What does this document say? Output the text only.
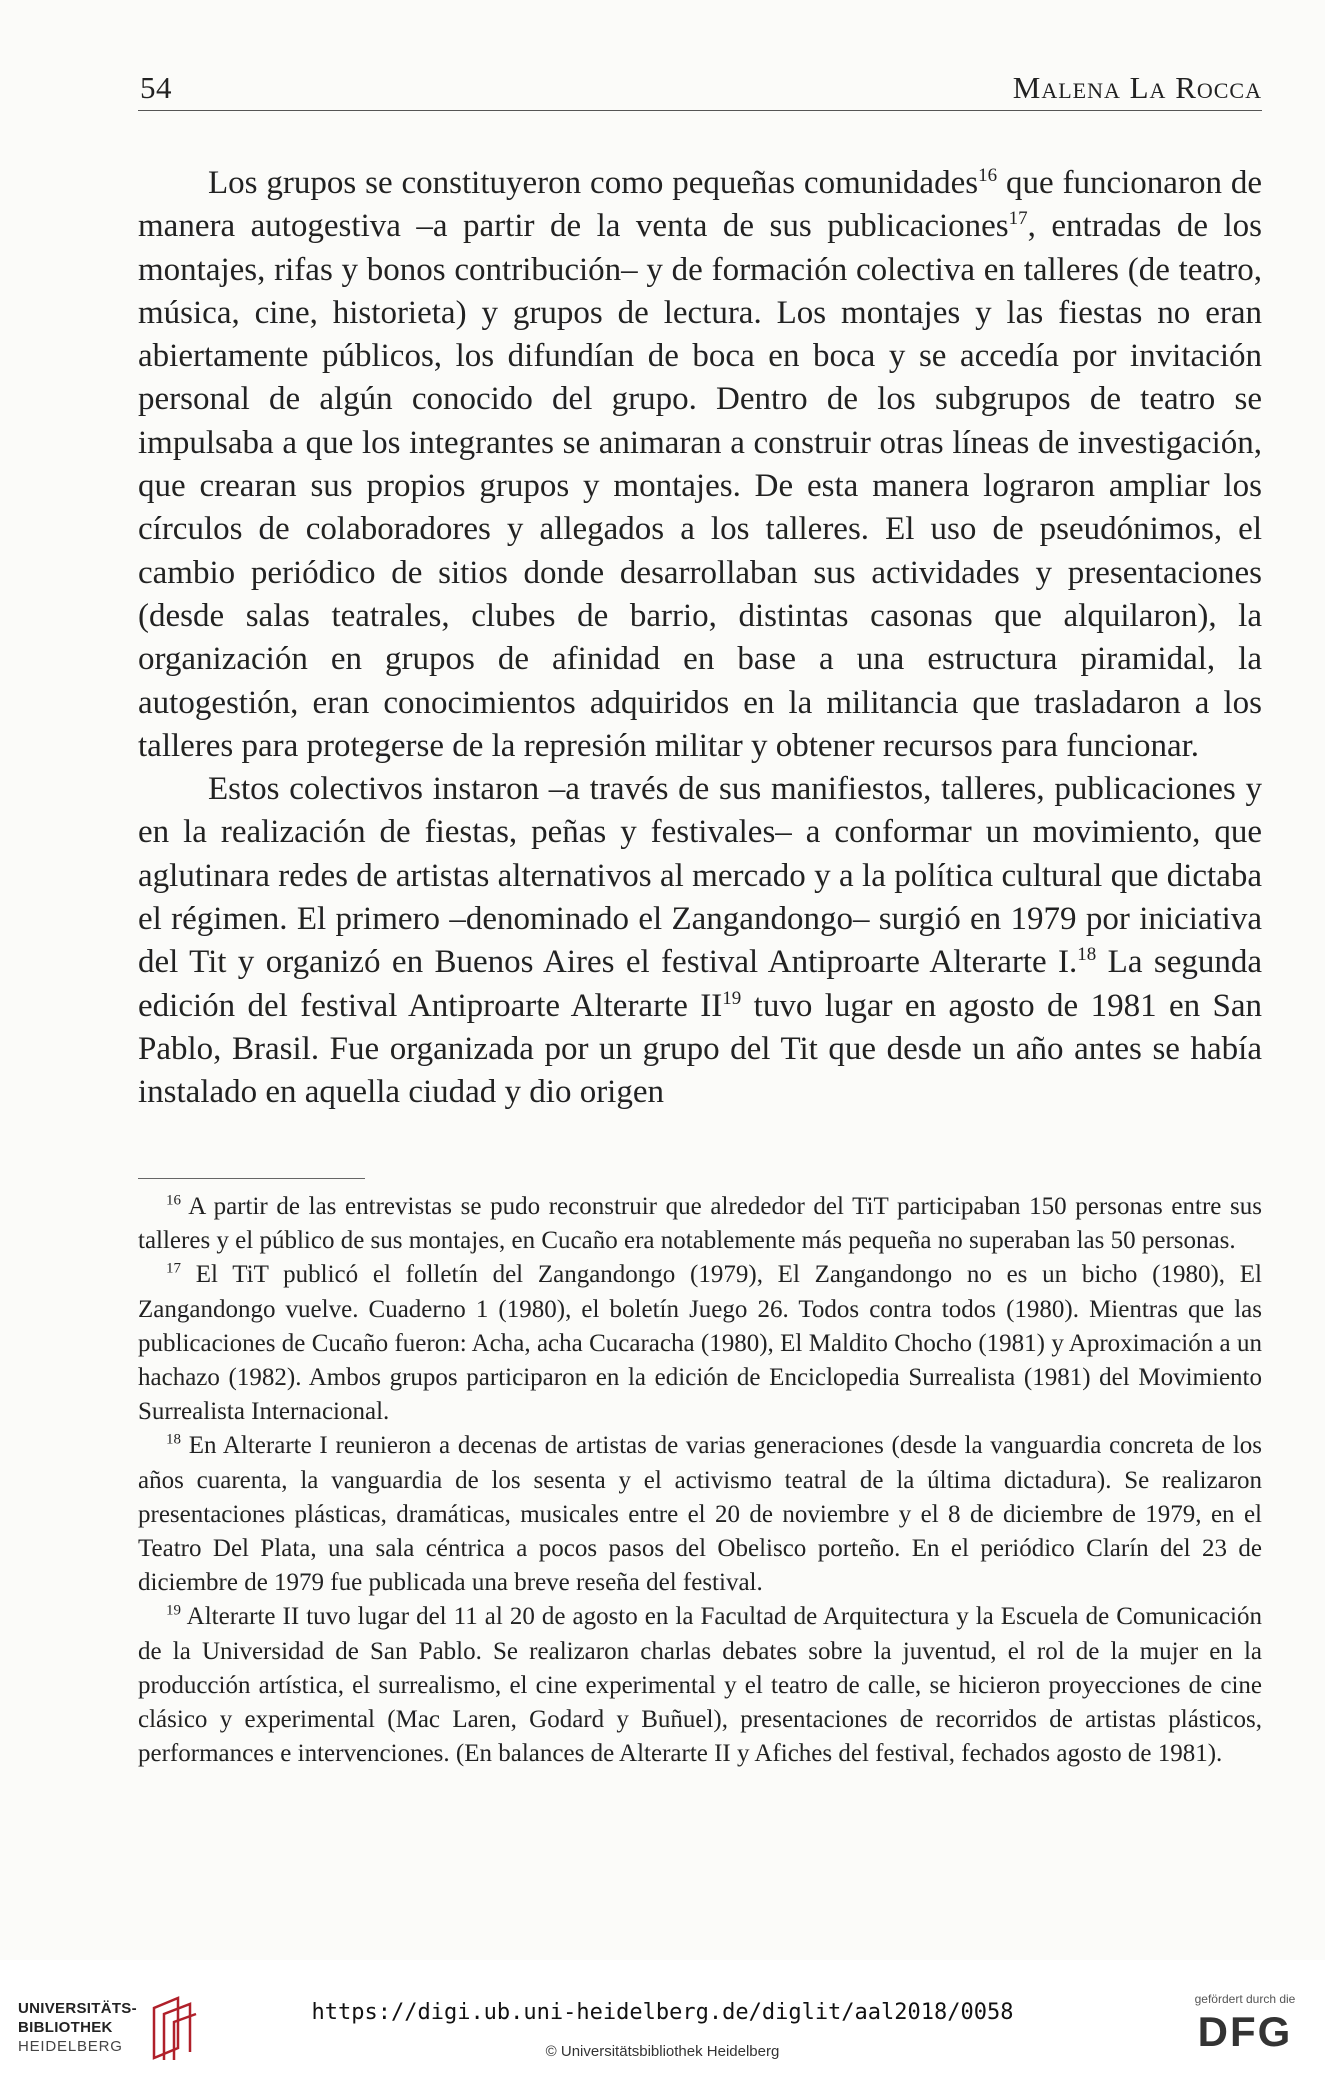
54	Malena La Rocca

Los grupos se constituyeron como pequeñas comunidades$^{16}$ que funcionaron de manera autogestiva –a partir de la venta de sus publicaciones$^{17}$, entradas de los montajes, rifas y bonos contribución– y de formación colectiva en talleres (de teatro, música, cine, historieta) y grupos de lectura. Los montajes y las fiestas no eran abiertamente públicos, los difundían de boca en boca y se accedía por invitación personal de algún conocido del grupo. Dentro de los subgrupos de teatro se impulsaba a que los integrantes se animaran a construir otras líneas de investigación, que crearan sus propios grupos y montajes. De esta manera lograron ampliar los círculos de colaboradores y allegados a los talleres. El uso de pseudónimos, el cambio periódico de sitios donde desarrollaban sus actividades y presentaciones (desde salas teatrales, clubes de barrio, distintas casonas que alquilaron), la organización en grupos de afinidad en base a una estructura piramidal, la autogestión, eran conocimientos adquiridos en la militancia que trasladaron a los talleres para protegerse de la represión militar y obtener recursos para funcionar.

Estos colectivos instaron –a través de sus manifiestos, talleres, publicaciones y en la realización de fiestas, peñas y festivales– a conformar un movimiento, que aglutinara redes de artistas alternativos al mercado y a la política cultural que dictaba el régimen. El primero –denominado el Zangandongo– surgió en 1979 por iniciativa del Tit y organizó en Buenos Aires el festival Antiproarte Alterarte I.$^{18}$ La segunda edición del festival Antiproarte Alterarte II$^{19}$ tuvo lugar en agosto de 1981 en San Pablo, Brasil. Fue organizada por un grupo del Tit que desde un año antes se había instalado en aquella ciudad y dio origen

$^{16}$ A partir de las entrevistas se pudo reconstruir que alrededor del TiT participaban 150 personas entre sus talleres y el público de sus montajes, en Cucaño era notablemente más pequeña no superaban las 50 personas.

$^{17}$ El TiT publicó el folletín del Zangandongo (1979), El Zangandongo no es un bicho (1980), El Zangandongo vuelve. Cuaderno 1 (1980), el boletín Juego 26. Todos contra todos (1980). Mientras que las publicaciones de Cucaño fueron: Acha, acha Cucaracha (1980), El Maldito Chocho (1981) y Aproximación a un hachazo (1982). Ambos grupos participaron en la edición de Enciclopedia Surrealista (1981) del Movimiento Surrealista Internacional.

$^{18}$ En Alterarte I reunieron a decenas de artistas de varias generaciones (desde la vanguardia concreta de los años cuarenta, la vanguardia de los sesenta y el activismo teatral de la última dictadura). Se realizaron presentaciones plásticas, dramáticas, musicales entre el 20 de noviembre y el 8 de diciembre de 1979, en el Teatro Del Plata, una sala céntrica a pocos pasos del Obelisco porteño. En el periódico Clarín del 23 de diciembre de 1979 fue publicada una breve reseña del festival.

$^{19}$ Alterarte II tuvo lugar del 11 al 20 de agosto en la Facultad de Arquitectura y la Escuela de Comunicación de la Universidad de San Pablo. Se realizaron charlas debates sobre la juventud, el rol de la mujer en la producción artística, el surrealismo, el cine experimental y el teatro de calle, se hicieron proyecciones de cine clásico y experimental (Mac Laren, Godard y Buñuel), presentaciones de recorridos de artistas plásticos, performances e intervenciones. (En balances de Alterarte II y Afiches del festival, fechados agosto de 1981).

UNIVERSITÄTS-
BIBLIOTHEK
HEIDELBERG
https://digi.ub.uni-heidelberg.de/diglit/aal2018/0058
© Universitätsbibliothek Heidelberg
gefördert durch die
DFG
